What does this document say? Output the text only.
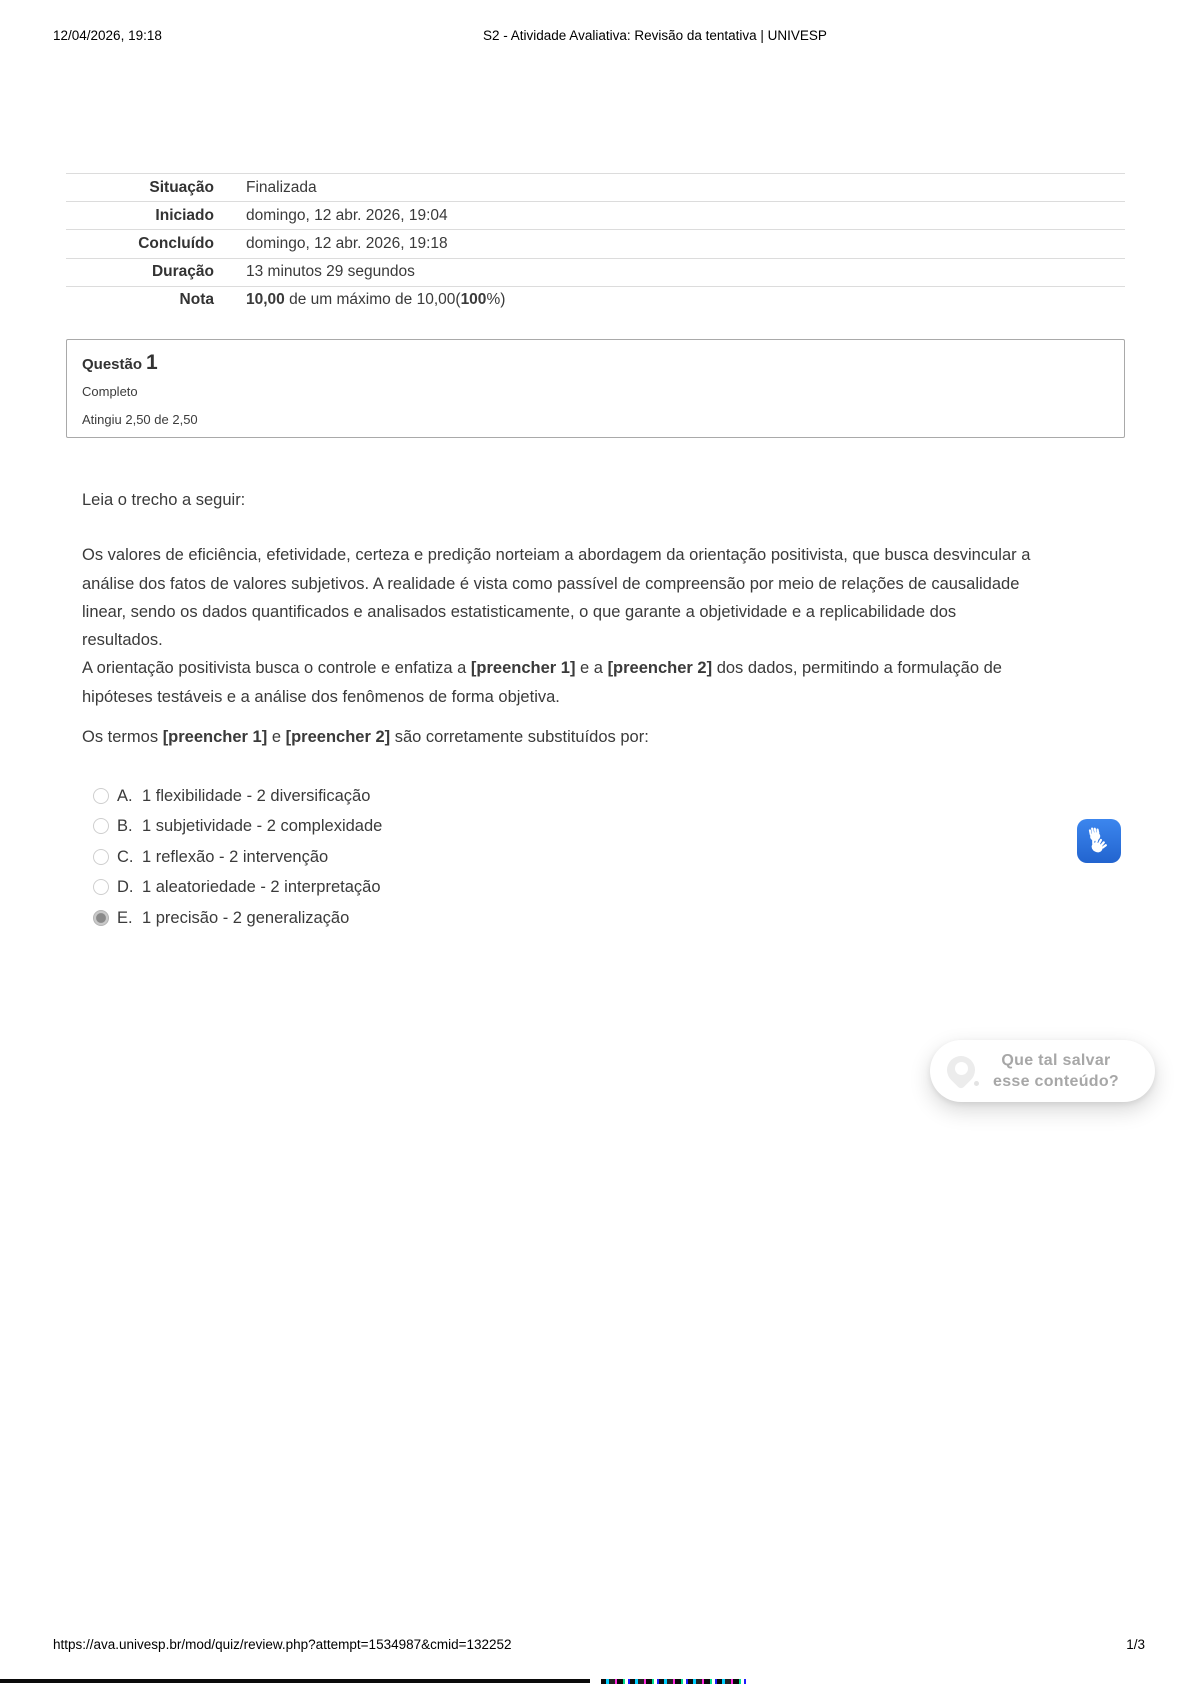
12/04/2026, 19:18	S2 - Atividade Avaliativa: Revisão da tentativa | UNIVESP
Situação	Finalizada
Iniciado	domingo, 12 abr. 2026, 19:04
Concluído	domingo, 12 abr. 2026, 19:18
Duração	13 minutos 29 segundos
Nota	10,00 de um máximo de 10,00(100%)
Questão 1
Completo
Atingiu 2,50 de 2,50
Leia o trecho a seguir:
Os valores de eficiência, efetividade, certeza e predição norteiam a abordagem da orientação positivista, que busca desvincular a análise dos fatos de valores subjetivos. A realidade é vista como passível de compreensão por meio de relações de causalidade linear, sendo os dados quantificados e analisados estatisticamente, o que garante a objetividade e a replicabilidade dos resultados.
A orientação positivista busca o controle e enfatiza a [preencher 1] e a [preencher 2] dos dados, permitindo a formulação de hipóteses testáveis e a análise dos fenômenos de forma objetiva.
Os termos [preencher 1] e [preencher 2] são corretamente substituídos por:
A. 1 flexibilidade - 2 diversificação
B. 1 subjetividade - 2 complexidade
C. 1 reflexão - 2 intervenção
D. 1 aleatoriedade - 2 interpretação
E. 1 precisão - 2 generalização
Que tal salvar
esse conteúdo?
https://ava.univesp.br/mod/quiz/review.php?attempt=1534987&cmid=132252	1/3
